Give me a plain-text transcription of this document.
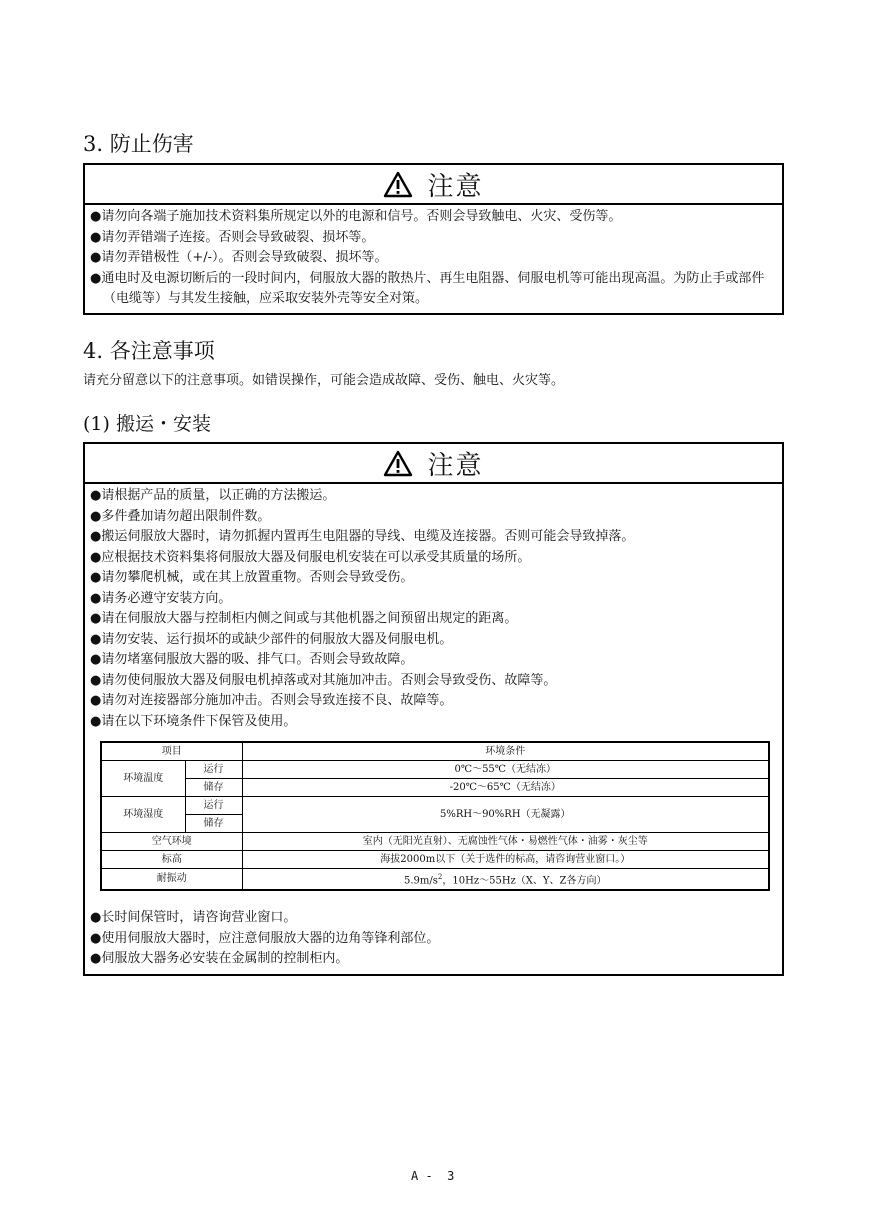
3. 防止伤害
注意
●请勿向各端子施加技术资料集所规定以外的电源和信号。否则会导致触电、火灾、受伤等。
●请勿弄错端子连接。否则会导致破裂、损坏等。
●请勿弄错极性（+/-）。否则会导致破裂、损坏等。
●通电时及电源切断后的一段时间内，伺服放大器的散热片、再生电阻器、伺服电机等可能出现高温。为防止手或部件（电缆等）与其发生接触，应采取安装外壳等安全对策。
4. 各注意事项
请充分留意以下的注意事项。如错误操作，可能会造成故障、受伤、触电、火灾等。
(1) 搬运・安装
注意
●请根据产品的质量，以正确的方法搬运。
●多件叠加请勿超出限制件数。
●搬运伺服放大器时，请勿抓握内置再生电阻器的导线、电缆及连接器。否则可能会导致掉落。
●应根据技术资料集将伺服放大器及伺服电机安装在可以承受其质量的场所。
●请勿攀爬机械，或在其上放置重物。否则会导致受伤。
●请务必遵守安装方向。
●请在伺服放大器与控制柜内侧之间或与其他机器之间预留出规定的距离。
●请勿安装、运行损坏的或缺少部件的伺服放大器及伺服电机。
●请勿堵塞伺服放大器的吸、排气口。否则会导致故障。
●请勿使伺服放大器及伺服电机掉落或对其施加冲击。否则会导致受伤、故障等。
●请勿对连接器部分施加冲击。否则会导致连接不良、故障等。
●请在以下环境条件下保管及使用。
项目		环境条件
环境温度	运行	0℃～55℃（无结冻）
	储存	-20℃～65℃（无结冻）
环境湿度	运行	5%RH～90%RH（无凝露）
	储存	
空气环境		室内（无阳光直射）、无腐蚀性气体・易燃性气体・油雾・灰尘等
标高		海拔2000m以下（关于选件的标高，请咨询营业窗口。）
耐振动		$5.9m/s^2$，10Hz～55Hz（X、Y、Z各方向）
●长时间保管时，请咨询营业窗口。
●使用伺服放大器时，应注意伺服放大器的边角等锋利部位。
●伺服放大器务必安装在金属制的控制柜内。
A -  3
